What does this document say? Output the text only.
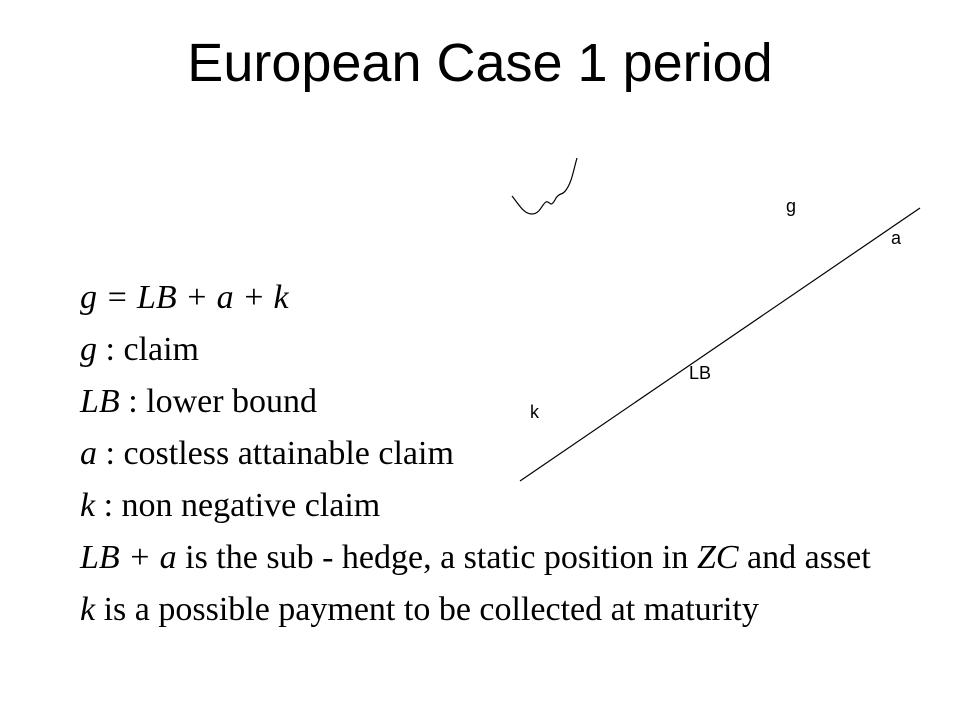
European Case 1 period
g
a
LB
k
g = LB + a + k
g : claim
LB : lower bound
a : costless attainable claim
k : non negative claim
LB + a is the sub - hedge, a static position in ZC and asset
k is a possible payment to be collected at maturity
